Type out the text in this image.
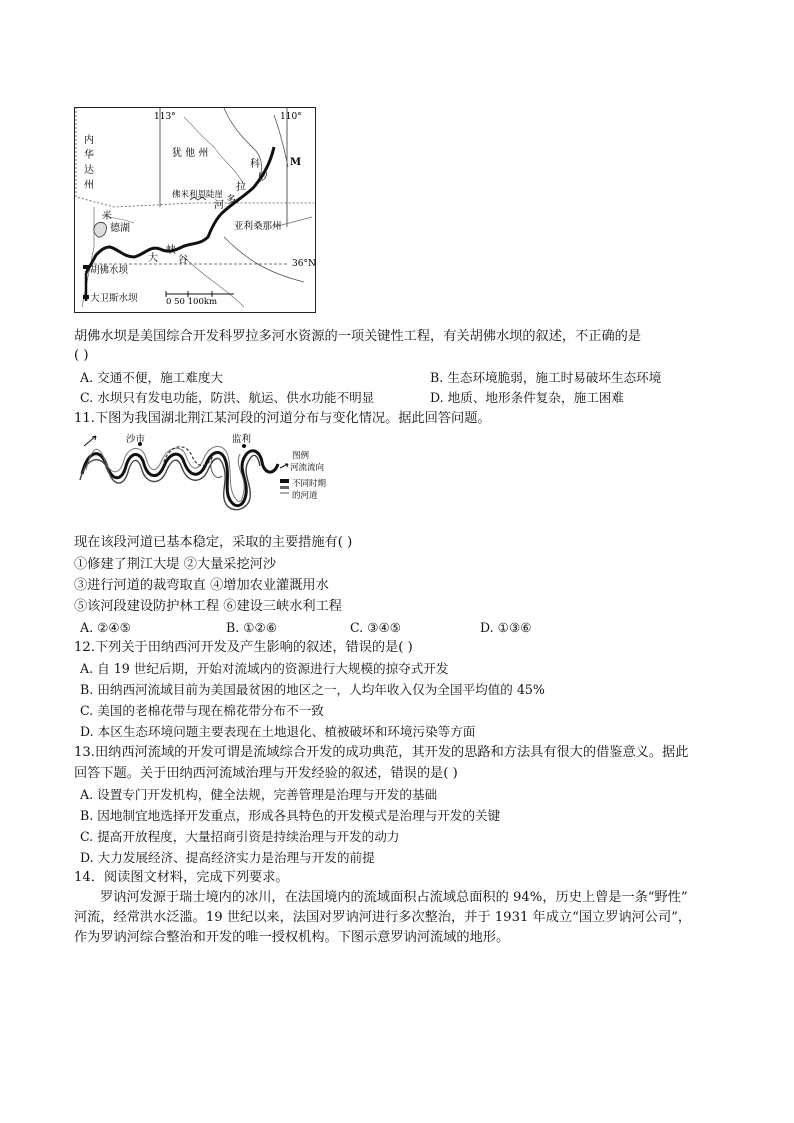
113°	110°
36°N
内
华
达
州
犹 他 州
科
罗
拉
多
河
M
佛米利恩陡崖
米
德湖	亚利桑那州
大
峡
谷
胡佛水坝
大卫斯水坝	0 50 100km
胡佛水坝是美国综合开发科罗拉多河水资源的一项关键性工程，有关胡佛水坝的叙述，不正确的是
( )
A. 交通不便，施工难度大	B. 生态环境脆弱，施工时易破坏生态环境
C. 水坝只有发电功能，防洪、航运、供水功能不明显	D. 地质、地形条件复杂，施工困难
11.下图为我国湖北荆江某河段的河道分布与变化情况。据此回答问题。
沙市	监利
图例
河流流向
不同时期
的河道
现在该段河道已基本稳定，采取的主要措施有( )
①修建了荆江大堤 ②大量采挖河沙
③进行河道的裁弯取直 ④增加农业灌溉用水
⑤该河段建设防护林工程 ⑥建设三峡水利工程
A. ②④⑤	B. ①②⑥	C. ③④⑤	D. ①③⑥
12.下列关于田纳西河开发及产生影响的叙述，错误的是( )
A. 自 19 世纪后期，开始对流域内的资源进行大规模的掠夺式开发
B. 田纳西河流域目前为美国最贫困的地区之一，人均年收入仅为全国平均值的 45%
C. 美国的老棉花带与现在棉花带分布不一致
D. 本区生态环境问题主要表现在土地退化、植被破坏和环境污染等方面
13.田纳西河流域的开发可谓是流域综合开发的成功典范，其开发的思路和方法具有很大的借鉴意义。据此
回答下题。关于田纳西河流域治理与开发经验的叙述，错误的是( )
A. 设置专门开发机构，健全法规，完善管理是治理与开发的基础
B. 因地制宜地选择开发重点，形成各具特色的开发模式是治理与开发的关键
C. 提高开放程度，大量招商引资是持续治理与开发的动力
D. 大力发展经济、提高经济实力是治理与开发的前提
14．阅读图文材料，完成下列要求。
罗讷河发源于瑞士境内的冰川，在法国境内的流域面积占流域总面积的 94%，历史上曾是一条“野性”
河流，经常洪水泛滥。19 世纪以来，法国对罗讷河进行多次整治，并于 1931 年成立“国立罗讷河公司”，
作为罗讷河综合整治和开发的唯一授权机构。下图示意罗讷河流域的地形。
